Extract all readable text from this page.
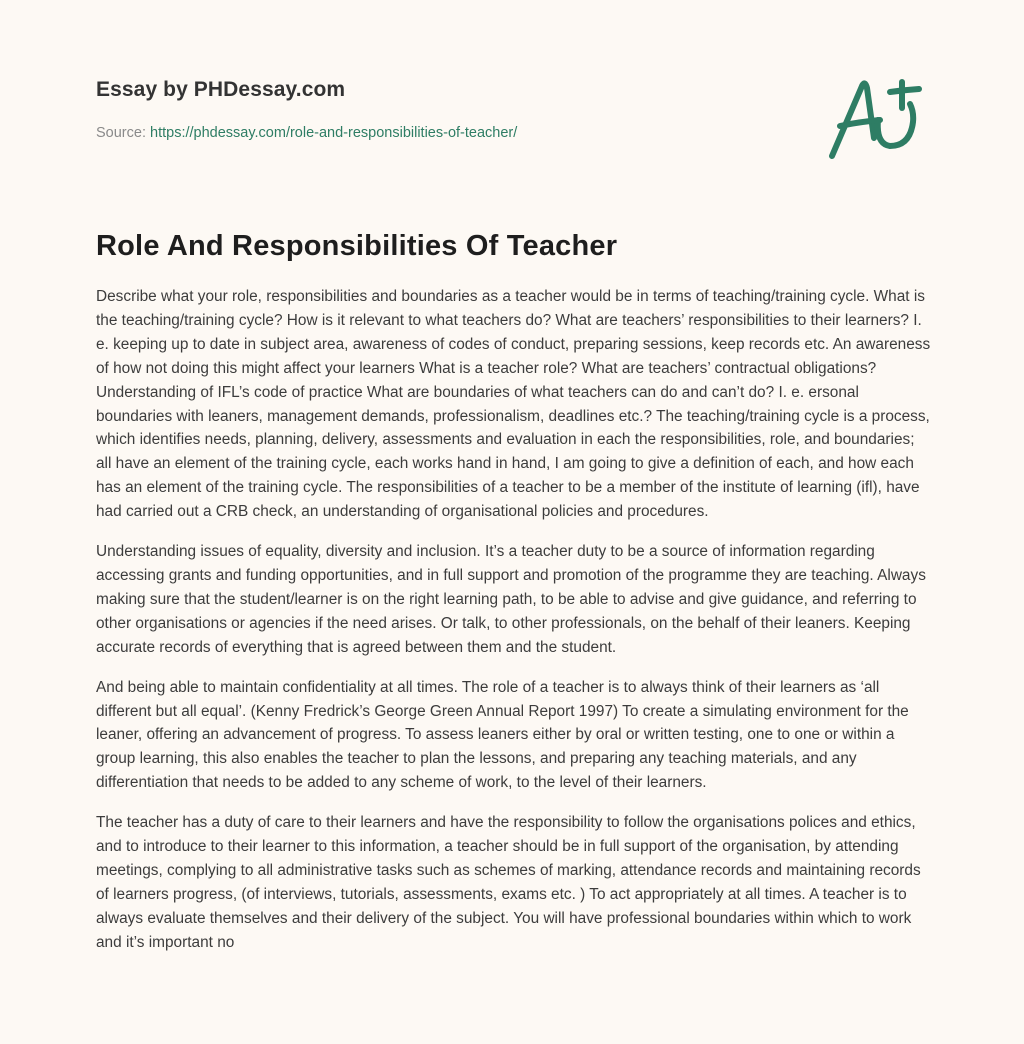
Essay by PHDessay.com
Source: https://phdessay.com/role-and-responsibilities-of-teacher/
Role And Responsibilities Of Teacher

Describe what your role, responsibilities and boundaries as a teacher would be in terms of teaching/training cycle. What is the teaching/training cycle? How is it relevant to what teachers do? What are teachers’ responsibilities to their learners? I. e. keeping up to date in subject area, awareness of codes of conduct, preparing sessions, keep records etc. An awareness of how not doing this might affect your learners What is a teacher role? What are teachers’ contractual obligations? Understanding of IFL’s code of practice What are boundaries of what teachers can do and can’t do? I. e. ersonal boundaries with leaners, management demands, professionalism, deadlines etc.? The teaching/training cycle is a process, which identifies needs, planning, delivery, assessments and evaluation in each the responsibilities, role, and boundaries; all have an element of the training cycle, each works hand in hand, I am going to give a definition of each, and how each has an element of the training cycle. The responsibilities of a teacher to be a member of the institute of learning (ifl), have had carried out a CRB check, an understanding of organisational policies and procedures.

Understanding issues of equality, diversity and inclusion. It’s a teacher duty to be a source of information regarding accessing grants and funding opportunities, and in full support and promotion of the programme they are teaching. Always making sure that the student/learner is on the right learning path, to be able to advise and give guidance, and referring to other organisations or agencies if the need arises. Or talk, to other professionals, on the behalf of their leaners. Keeping accurate records of everything that is agreed between them and the student.

And being able to maintain confidentiality at all times. The role of a teacher is to always think of their learners as ‘all different but all equal’. (Kenny Fredrick’s George Green Annual Report 1997) To create a simulating environment for the leaner, offering an advancement of progress. To assess leaners either by oral or written testing, one to one or within a group learning, this also enables the teacher to plan the lessons, and preparing any teaching materials, and any differentiation that needs to be added to any scheme of work, to the level of their learners.

The teacher has a duty of care to their learners and have the responsibility to follow the organisations polices and ethics, and to introduce to their learner to this information, a teacher should be in full support of the organisation, by attending meetings, complying to all administrative tasks such as schemes of marking, attendance records and maintaining records of learners progress, (of interviews, tutorials, assessments, exams etc. ) To act appropriately at all times. A teacher is to always evaluate themselves and their delivery of the subject. You will have professional boundaries within which to work and it’s important no
